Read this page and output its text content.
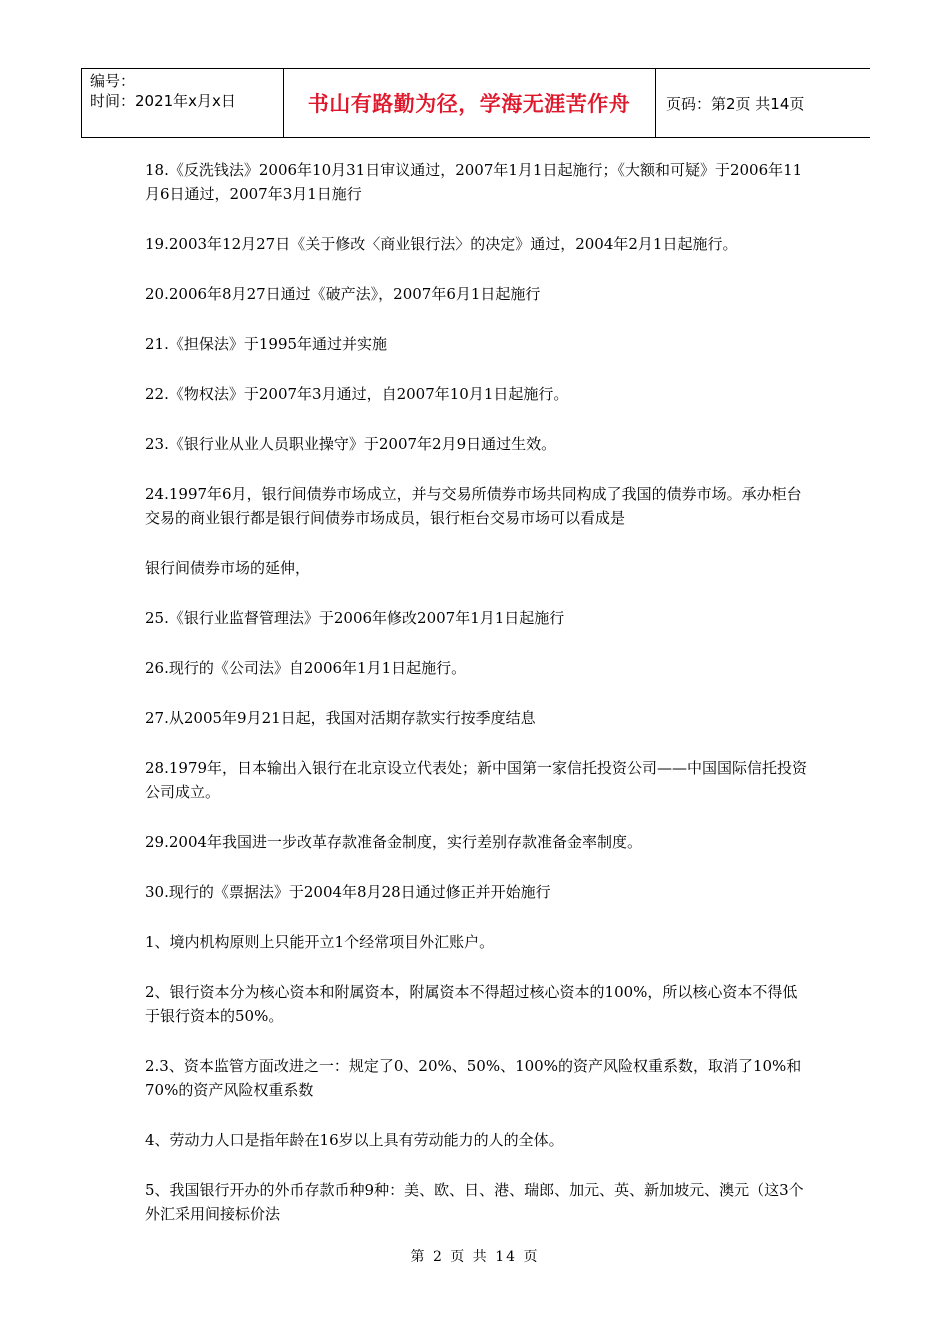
编号：
时间：2021年x月x日	书山有路勤为径，学海无涯苦作舟	页码：第2页 共14页

18.《反洗钱法》2006年10月31日审议通过，2007年1月1日起施行；《大额和可疑》于2006年11月6日通过，2007年3月1日施行

19.2003年12月27日《关于修改〈商业银行法〉的决定》通过，2004年2月1日起施行。

20.2006年8月27日通过《破产法》，2007年6月1日起施行

21.《担保法》于1995年通过并实施

22.《物权法》于2007年3月通过，自2007年10月1日起施行。

23.《银行业从业人员职业操守》于2007年2月9日通过生效。

24.1997年6月，银行间债券市场成立，并与交易所债券市场共同构成了我国的债券市场。承办柜台交易的商业银行都是银行间债券市场成员，银行柜台交易市场可以看成是

银行间债券市场的延伸，

25.《银行业监督管理法》于2006年修改2007年1月1日起施行

26.现行的《公司法》自2006年1月1日起施行。

27.从2005年9月21日起，我国对活期存款实行按季度结息

28.1979年，日本输出入银行在北京设立代表处；新中国第一家信托投资公司——中国国际信托投资公司成立。

29.2004年我国进一步改革存款准备金制度，实行差别存款准备金率制度。

30.现行的《票据法》于2004年8月28日通过修正并开始施行

1、境内机构原则上只能开立1个经常项目外汇账户。

2、银行资本分为核心资本和附属资本，附属资本不得超过核心资本的100%，所以核心资本不得低于银行资本的50%。

2.3、资本监管方面改进之一：规定了0、20%、50%、100%的资产风险权重系数，取消了10%和70%的资产风险权重系数

4、劳动力人口是指年龄在16岁以上具有劳动能力的人的全体。

5、我国银行开办的外币存款币种9种：美、欧、日、港、瑞郎、加元、英、新加坡元、澳元（这3个外汇采用间接标价法

第 2 页 共 14 页
